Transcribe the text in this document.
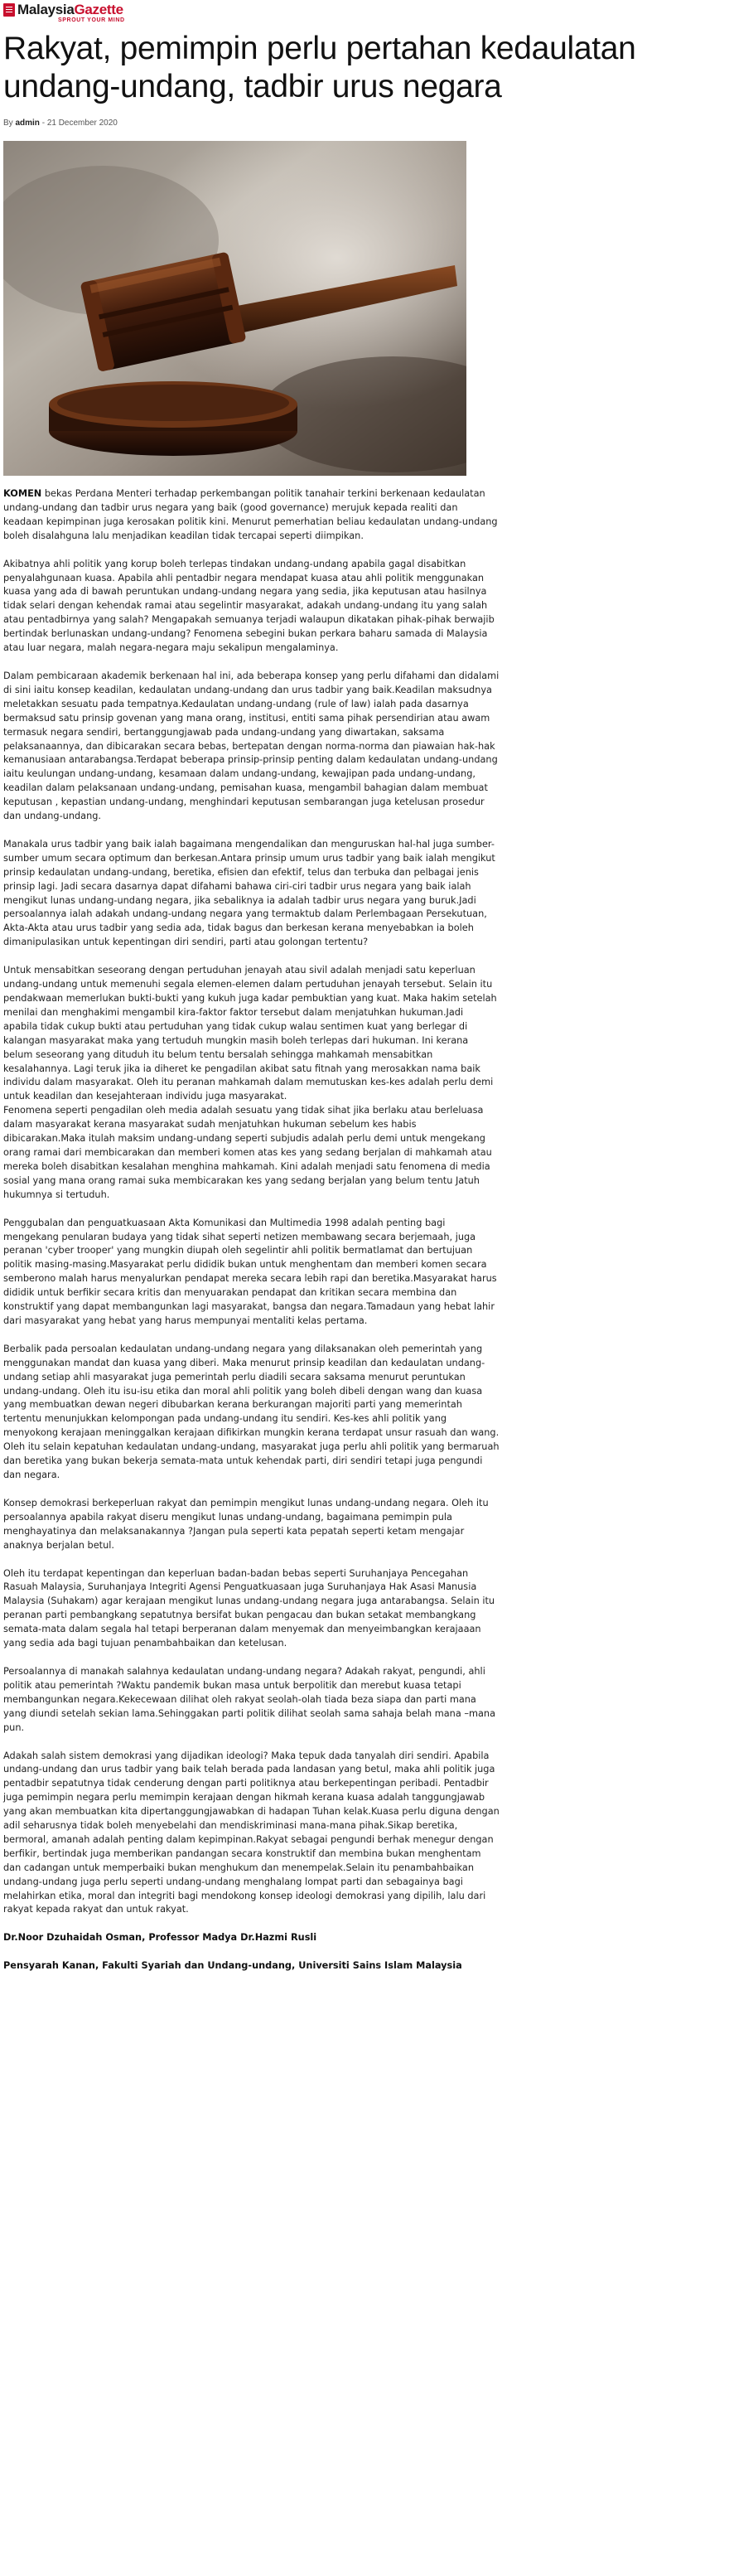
MalaysiaGazette
SPROUT YOUR MIND
Rakyat, pemimpin perlu pertahan kedaulatan undang-undang, tadbir urus negara
By admin - 21 December 2020

KOMEN bekas Perdana Menteri terhadap perkembangan politik tanahair terkini berkenaan kedaulatan undang-undang dan tadbir urus negara yang baik (good governance) merujuk kepada realiti dan keadaan kepimpinan juga kerosakan politik kini. Menurut pemerhatian beliau kedaulatan undang-undang boleh disalahguna lalu menjadikan keadilan tidak tercapai seperti diimpikan.

Akibatnya ahli politik yang korup boleh terlepas tindakan undang-undang apabila gagal disabitkan penyalahgunaan kuasa. Apabila ahli pentadbir negara mendapat kuasa atau ahli politik menggunakan kuasa yang ada di bawah peruntukan undang-undang negara yang sedia, jika keputusan atau hasilnya tidak selari dengan kehendak ramai atau segelintir masyarakat, adakah undang-undang itu yang salah atau pentadbirnya yang salah? Mengapakah semuanya terjadi walaupun dikatakan pihak-pihak berwajib bertindak berlunaskan undang-undang? Fenomena sebegini bukan perkara baharu samada di Malaysia atau luar negara, malah negara-negara maju sekalipun mengalaminya.

Dalam pembicaraan akademik berkenaan hal ini, ada beberapa konsep yang perlu difahami dan didalami di sini iaitu konsep keadilan, kedaulatan undang-undang dan urus tadbir yang baik.Keadilan maksudnya meletakkan sesuatu pada tempatnya.Kedaulatan undang-undang (rule of law) ialah pada dasarnya bermaksud satu prinsip govenan yang mana orang, institusi, entiti sama pihak persendirian atau awam termasuk negara sendiri, bertanggungjawab pada undang-undang yang diwartakan, saksama pelaksanaannya, dan dibicarakan secara bebas, bertepatan dengan norma-norma dan piawaian hak-hak kemanusiaan antarabangsa.Terdapat beberapa prinsip-prinsip penting dalam kedaulatan undang-undang iaitu keulungan undang-undang, kesamaan dalam undang-undang, kewajipan pada undang-undang, keadilan dalam pelaksanaan undang-undang, pemisahan kuasa, mengambil bahagian dalam membuat keputusan , kepastian undang-undang, menghindari keputusan sembarangan juga ketelusan prosedur dan undang-undang.

Manakala urus tadbir yang baik ialah bagaimana mengendalikan dan menguruskan hal-hal juga sumber-sumber umum secara optimum dan berkesan.Antara prinsip umum urus tadbir yang baik ialah mengikut prinsip kedaulatan undang-undang, beretika, efisien dan efektif, telus dan terbuka dan pelbagai jenis prinsip lagi. Jadi secara dasarnya dapat difahami bahawa ciri-ciri tadbir urus negara yang baik ialah mengikut lunas undang-undang negara, jika sebaliknya ia adalah tadbir urus negara yang buruk.Jadi persoalannya ialah adakah undang-undang negara yang termaktub dalam Perlembagaan Persekutuan, Akta-Akta atau urus tadbir yang sedia ada, tidak bagus dan berkesan kerana menyebabkan ia boleh dimanipulasikan untuk kepentingan diri sendiri, parti atau golongan tertentu?

Untuk mensabitkan seseorang dengan pertuduhan jenayah atau sivil adalah menjadi satu keperluan undang-undang untuk memenuhi segala elemen-elemen dalam pertuduhan jenayah tersebut. Selain itu pendakwaan memerlukan bukti-bukti yang kukuh juga kadar pembuktian yang kuat. Maka hakim setelah menilai dan menghakimi mengambil kira-faktor faktor tersebut dalam menjatuhkan hukuman.Jadi apabila tidak cukup bukti atau pertuduhan yang tidak cukup walau sentimen kuat yang berlegar di kalangan masyarakat maka yang tertuduh mungkin masih boleh terlepas dari hukuman. Ini kerana belum seseorang yang dituduh itu belum tentu bersalah sehingga mahkamah mensabitkan kesalahannya. Lagi teruk jika ia diheret ke pengadilan akibat satu fitnah yang merosakkan nama baik individu dalam masyarakat. Oleh itu peranan mahkamah dalam memutuskan kes-kes adalah perlu demi untuk keadilan dan kesejahteraan individu juga masyarakat.
Fenomena seperti pengadilan oleh media adalah sesuatu yang tidak sihat jika berlaku atau berleluasa dalam masyarakat kerana masyarakat sudah menjatuhkan hukuman sebelum kes habis dibicarakan.Maka itulah maksim undang-undang seperti subjudis adalah perlu demi untuk mengekang orang ramai dari membicarakan dan memberi komen atas kes yang sedang berjalan di mahkamah atau mereka boleh disabitkan kesalahan menghina mahkamah. Kini adalah menjadi satu fenomena di media sosial yang mana orang ramai suka membicarakan kes yang sedang berjalan yang belum tentu Jatuh hukumnya si tertuduh.

Penggubalan dan penguatkuasaan Akta Komunikasi dan Multimedia 1998 adalah penting bagi mengekang penularan budaya yang tidak sihat seperti netizen membawang secara berjemaah, juga peranan 'cyber trooper' yang mungkin diupah oleh segelintir ahli politik bermatlamat dan bertujuan politik masing-masing.Masyarakat perlu dididik bukan untuk menghentam dan memberi komen secara semberono malah harus menyalurkan pendapat mereka secara lebih rapi dan beretika.Masyarakat harus dididik untuk berfikir secara kritis dan menyuarakan pendapat dan kritikan secara membina dan konstruktif yang dapat membangunkan lagi masyarakat, bangsa dan negara.Tamadaun yang hebat lahir dari masyarakat yang hebat yang harus mempunyai mentaliti kelas pertama.

Berbalik pada persoalan kedaulatan undang-undang negara yang dilaksanakan oleh pemerintah yang menggunakan mandat dan kuasa yang diberi. Maka menurut prinsip keadilan dan kedaulatan undang-undang setiap ahli masyarakat juga pemerintah perlu diadili secara saksama menurut peruntukan undang-undang. Oleh itu isu-isu etika dan moral ahli politik yang boleh dibeli dengan wang dan kuasa yang membuatkan dewan negeri dibubarkan kerana berkurangan majoriti parti yang memerintah tertentu menunjukkan kelompongan pada undang-undang itu sendiri. Kes-kes ahli politik yang menyokong kerajaan meninggalkan kerajaan difikirkan mungkin kerana terdapat unsur rasuah dan wang. Oleh itu selain kepatuhan kedaulatan undang-undang, masyarakat juga perlu ahli politik yang bermaruah dan beretika yang bukan bekerja semata-mata untuk kehendak parti, diri sendiri tetapi juga pengundi dan negara.

Konsep demokrasi berkeperluan rakyat dan pemimpin mengikut lunas undang-undang negara. Oleh itu persoalannya apabila rakyat diseru mengikut lunas undang-undang, bagaimana pemimpin pula menghayatinya dan melaksanakannya ?Jangan pula seperti kata pepatah seperti ketam mengajar anaknya berjalan betul.

Oleh itu terdapat kepentingan dan keperluan badan-badan bebas seperti Suruhanjaya Pencegahan Rasuah Malaysia, Suruhanjaya Integriti Agensi Penguatkuasaan juga Suruhanjaya Hak Asasi Manusia Malaysia (Suhakam) agar kerajaan mengikut lunas undang-undang negara juga antarabangsa. Selain itu peranan parti pembangkang sepatutnya bersifat bukan pengacau dan bukan setakat membangkang semata-mata dalam segala hal tetapi berperanan dalam menyemak dan menyeimbangkan kerajaaan yang sedia ada bagi tujuan penambahbaikan dan ketelusan.

Persoalannya di manakah salahnya kedaulatan undang-undang negara? Adakah rakyat, pengundi, ahli politik atau pemerintah ?Waktu pandemik bukan masa untuk berpolitik dan merebut kuasa tetapi membangunkan negara.Kekecewaan dilihat oleh rakyat seolah-olah tiada beza siapa dan parti mana yang diundi setelah sekian lama.Sehinggakan parti politik dilihat seolah sama sahaja belah mana –mana pun.

Adakah salah sistem demokrasi yang dijadikan ideologi? Maka tepuk dada tanyalah diri sendiri. Apabila undang-undang dan urus tadbir yang baik telah berada pada landasan yang betul, maka ahli politik juga pentadbir sepatutnya tidak cenderung dengan parti politiknya atau berkepentingan peribadi. Pentadbir juga pemimpin negara perlu memimpin kerajaan dengan hikmah kerana kuasa adalah tanggungjawab yang akan membuatkan kita dipertanggungjawabkan di hadapan Tuhan kelak.Kuasa perlu diguna dengan adil seharusnya tidak boleh menyebelahi dan mendiskriminasi mana-mana pihak.Sikap beretika, bermoral, amanah adalah penting dalam kepimpinan.Rakyat sebagai pengundi berhak menegur dengan berfikir, bertindak juga memberikan pandangan secara konstruktif dan membina bukan menghentam dan cadangan untuk memperbaiki bukan menghukum dan menempelak.Selain itu penambahbaikan undang-undang juga perlu seperti undang-undang menghalang lompat parti dan sebagainya bagi melahirkan etika, moral dan integriti bagi mendokong konsep ideologi demokrasi yang dipilih, lalu dari rakyat kepada rakyat dan untuk rakyat.

Dr.Noor Dzuhaidah Osman, Professor Madya Dr.Hazmi Rusli

Pensyarah Kanan, Fakulti Syariah dan Undang-undang, Universiti Sains Islam Malaysia
